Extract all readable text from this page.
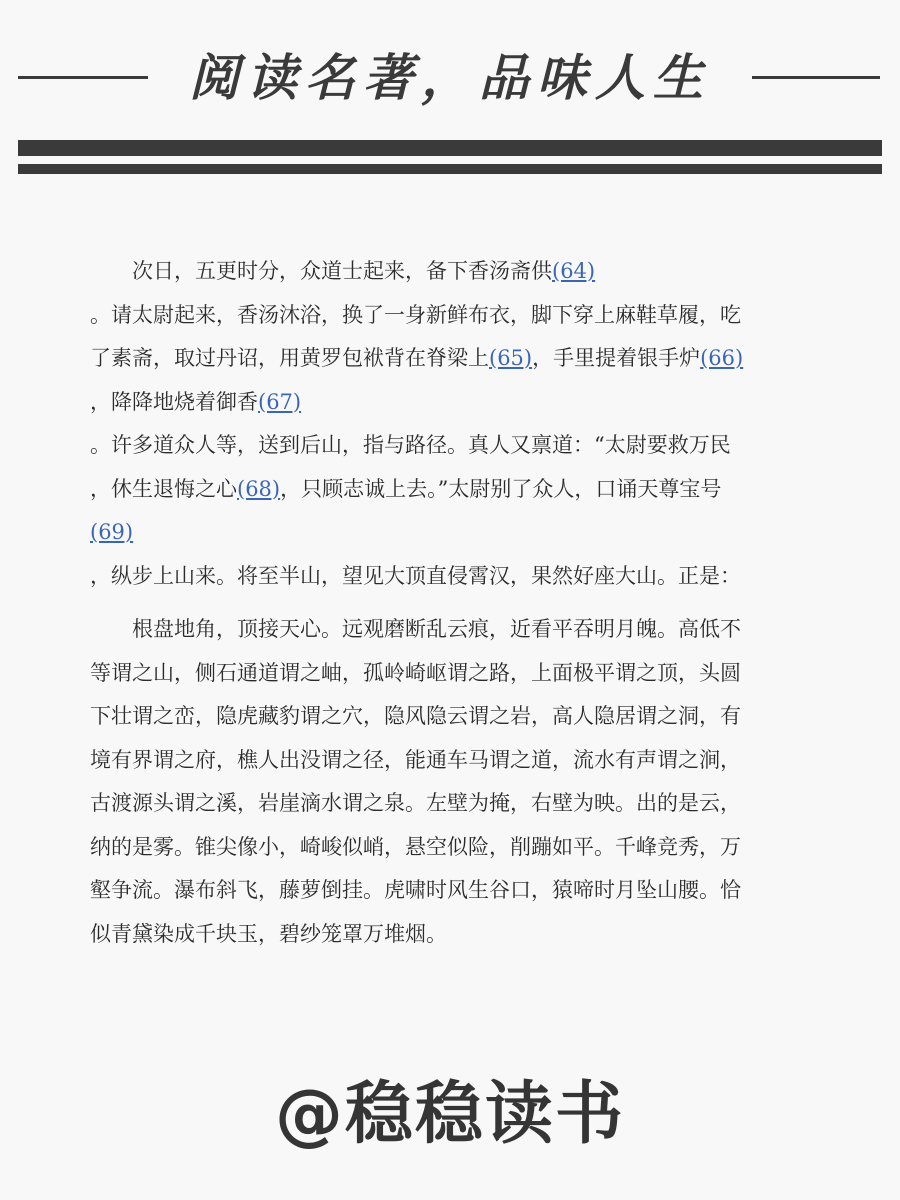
阅读名著，品味人生

　　次日，五更时分，众道士起来，备下香汤斋供(64)
。请太尉起来，香汤沐浴，换了一身新鲜布衣，脚下穿上麻鞋草履，吃
了素斋，取过丹诏，用黄罗包袱背在脊梁上(65)，手里提着银手炉(66)
，降降地烧着御香(67)
。许多道众人等，送到后山，指与路径。真人又禀道：“太尉要救万民
，休生退悔之心(68)，只顾志诚上去。”太尉别了众人，口诵天尊宝号
(69)
，纵步上山来。将至半山，望见大顶直侵霄汉，果然好座大山。正是：

　　根盘地角，顶接天心。远观磨断乱云痕，近看平吞明月魄。高低不
等谓之山，侧石通道谓之岫，孤岭崎岖谓之路，上面极平谓之顶，头圆
下壮谓之峦，隐虎藏豹谓之穴，隐风隐云谓之岩，高人隐居谓之洞，有
境有界谓之府，樵人出没谓之径，能通车马谓之道，流水有声谓之涧，
古渡源头谓之溪，岩崖滴水谓之泉。左壁为掩，右壁为映。出的是云，
纳的是雾。锥尖像小，崎峻似峭，悬空似险，削蹦如平。千峰竞秀，万
壑争流。瀑布斜飞，藤萝倒挂。虎啸时风生谷口，猿啼时月坠山腰。恰
似青黛染成千块玉，碧纱笼罩万堆烟。

@稳稳读书
